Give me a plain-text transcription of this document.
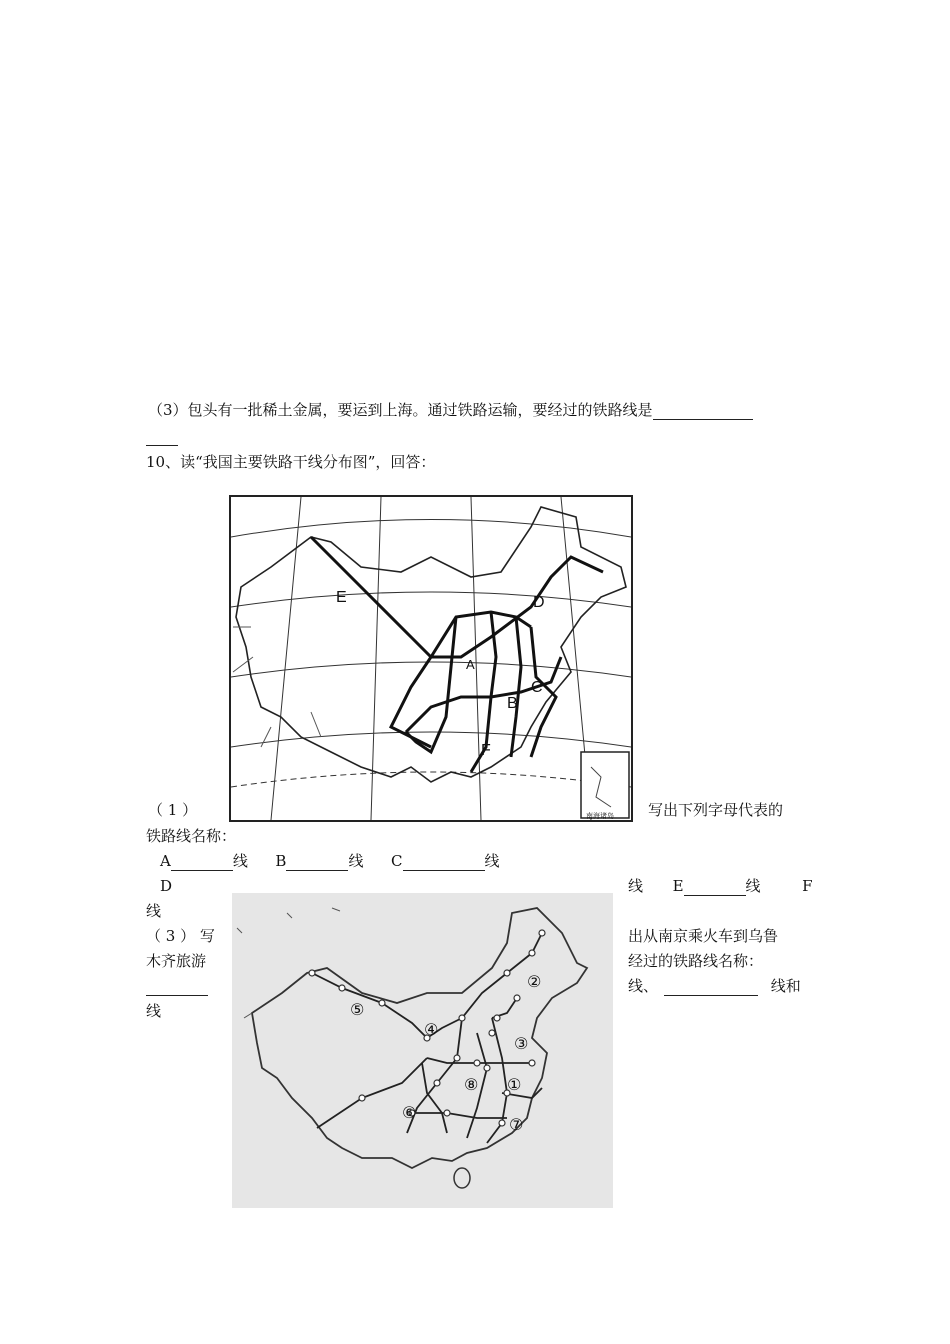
（3）包头有一批稀土金属，要运到上海。通过铁路运输，要经过的铁路线是
10、读“我国主要铁路干线分布图”，回答：
E	D
A
B
C
F
南海诸岛
（ 1 ）	写出下列字母代表的
铁路线名称：
A	线 B	线 C	线
D	线 E	线	F
线
（ 3 ） 写	出从南京乘火车到乌鲁
木齐旅游	经过的铁路线名称：
线、	线和
线
②
⑤
④
③
⑧ ①
⑥
⑦
